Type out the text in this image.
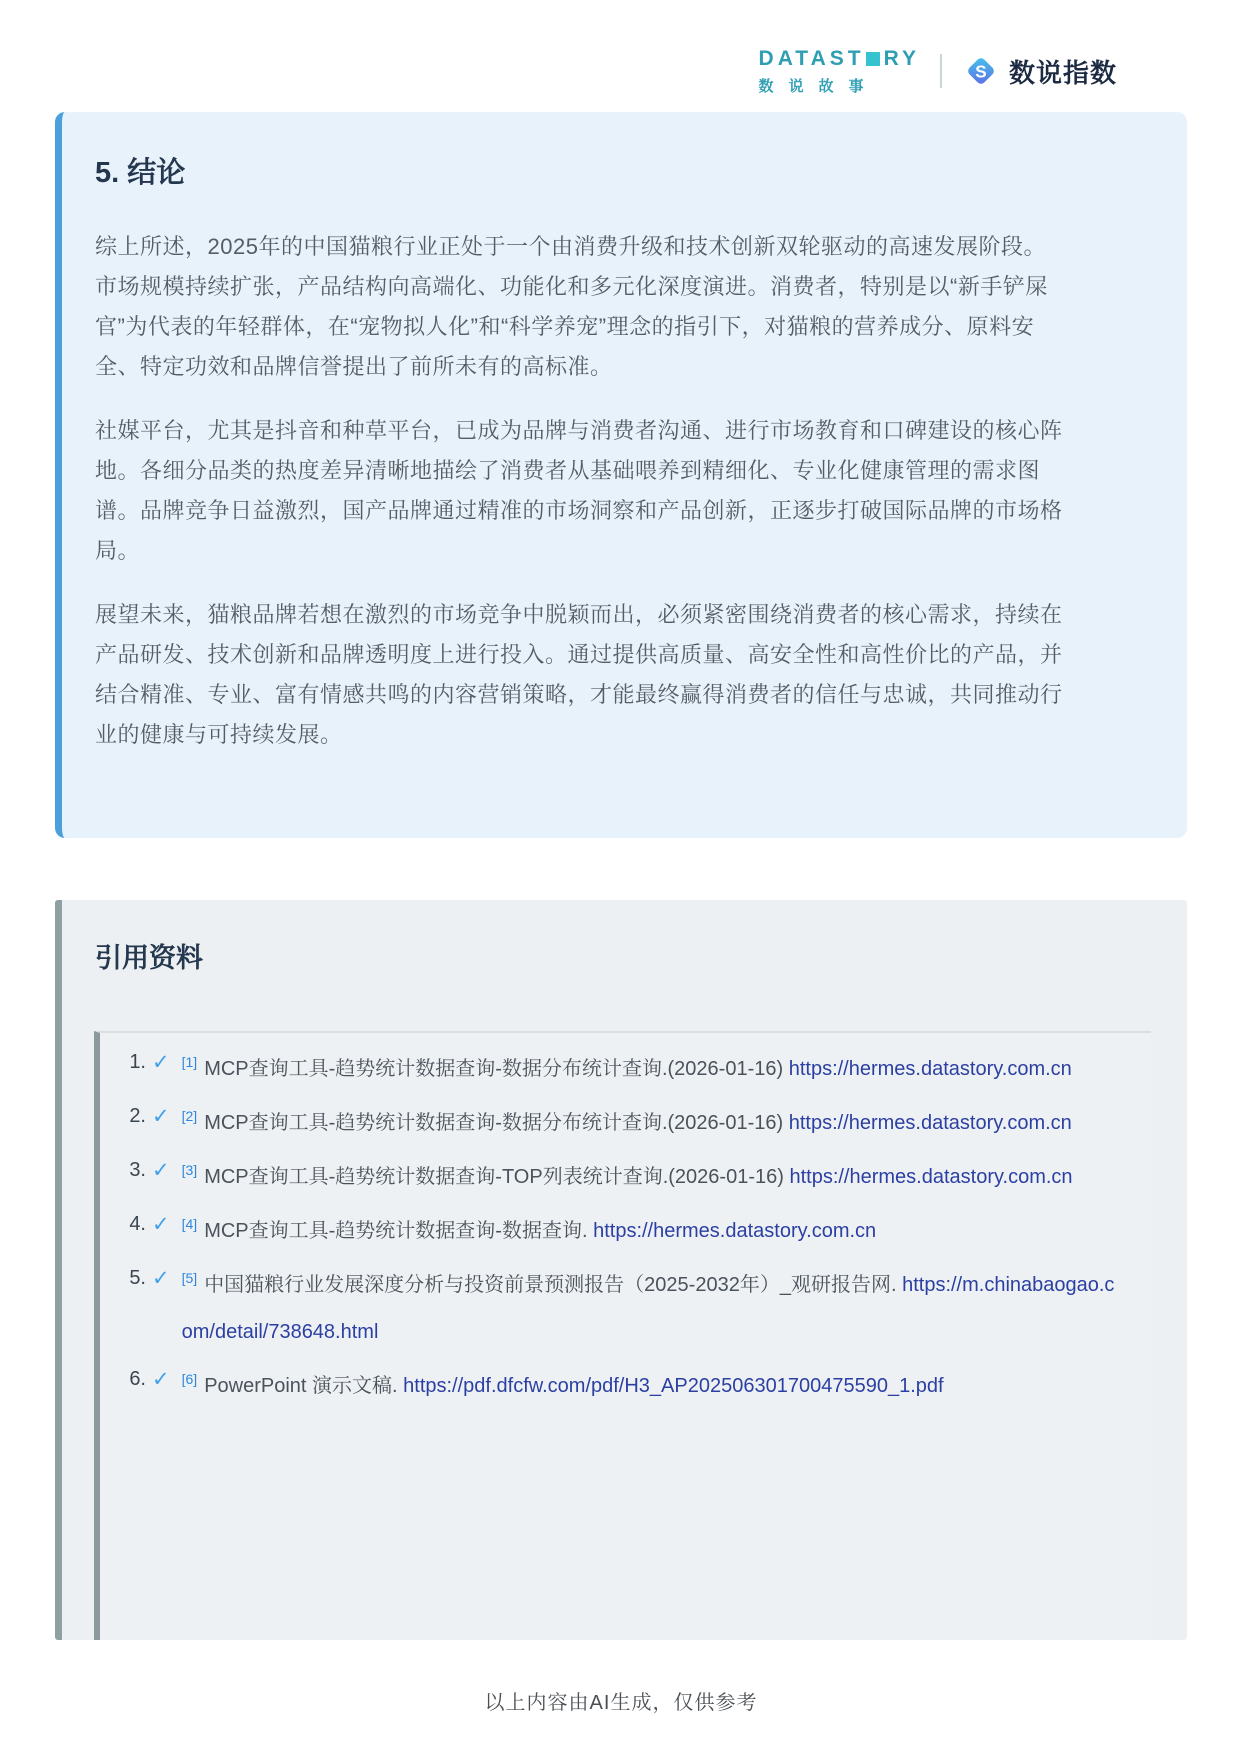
DATAST RY
数说故事
S 数说指数
5. 结论

综上所述，2025年的中国猫粮行业正处于一个由消费升级和技术创新双轮驱动的高速发展阶段。市场规模持续扩张，产品结构向高端化、功能化和多元化深度演进。消费者，特别是以“新手铲屎官”为代表的年轻群体，在“宠物拟人化”和“科学养宠”理念的指引下，对猫粮的营养成分、原料安全、特定功效和品牌信誉提出了前所未有的高标准。

社媒平台，尤其是抖音和种草平台，已成为品牌与消费者沟通、进行市场教育和口碑建设的核心阵地。各细分品类的热度差异清晰地描绘了消费者从基础喂养到精细化、专业化健康管理的需求图谱。品牌竞争日益激烈，国产品牌通过精准的市场洞察和产品创新，正逐步打破国际品牌的市场格局。

展望未来，猫粮品牌若想在激烈的市场竞争中脱颖而出，必须紧密围绕消费者的核心需求，持续在产品研发、技术创新和品牌透明度上进行投入。通过提供高质量、高安全性和高性价比的产品，并结合精准、专业、富有情感共鸣的内容营销策略，才能最终赢得消费者的信任与忠诚，共同推动行业的健康与可持续发展。

引用资料
1. ✓ [1] MCP查询工具-趋势统计数据查询-数据分布统计查询.(2026-01-16) https://hermes.datastory.com.cn
2. ✓ [2] MCP查询工具-趋势统计数据查询-数据分布统计查询.(2026-01-16) https://hermes.datastory.com.cn
3. ✓ [3] MCP查询工具-趋势统计数据查询-TOP列表统计查询.(2026-01-16) https://hermes.datastory.com.cn
4. ✓ [4] MCP查询工具-趋势统计数据查询-数据查询. https://hermes.datastory.com.cn
5. ✓ [5] 中国猫粮行业发展深度分析与投资前景预测报告（2025-2032年）_观研报告网. https://m.chinabaogao.com/detail/738648.html
6. ✓ [6] PowerPoint 演示文稿. https://pdf.dfcfw.com/pdf/H3_AP202506301700475590_1.pdf
以上内容由AI生成，仅供参考
